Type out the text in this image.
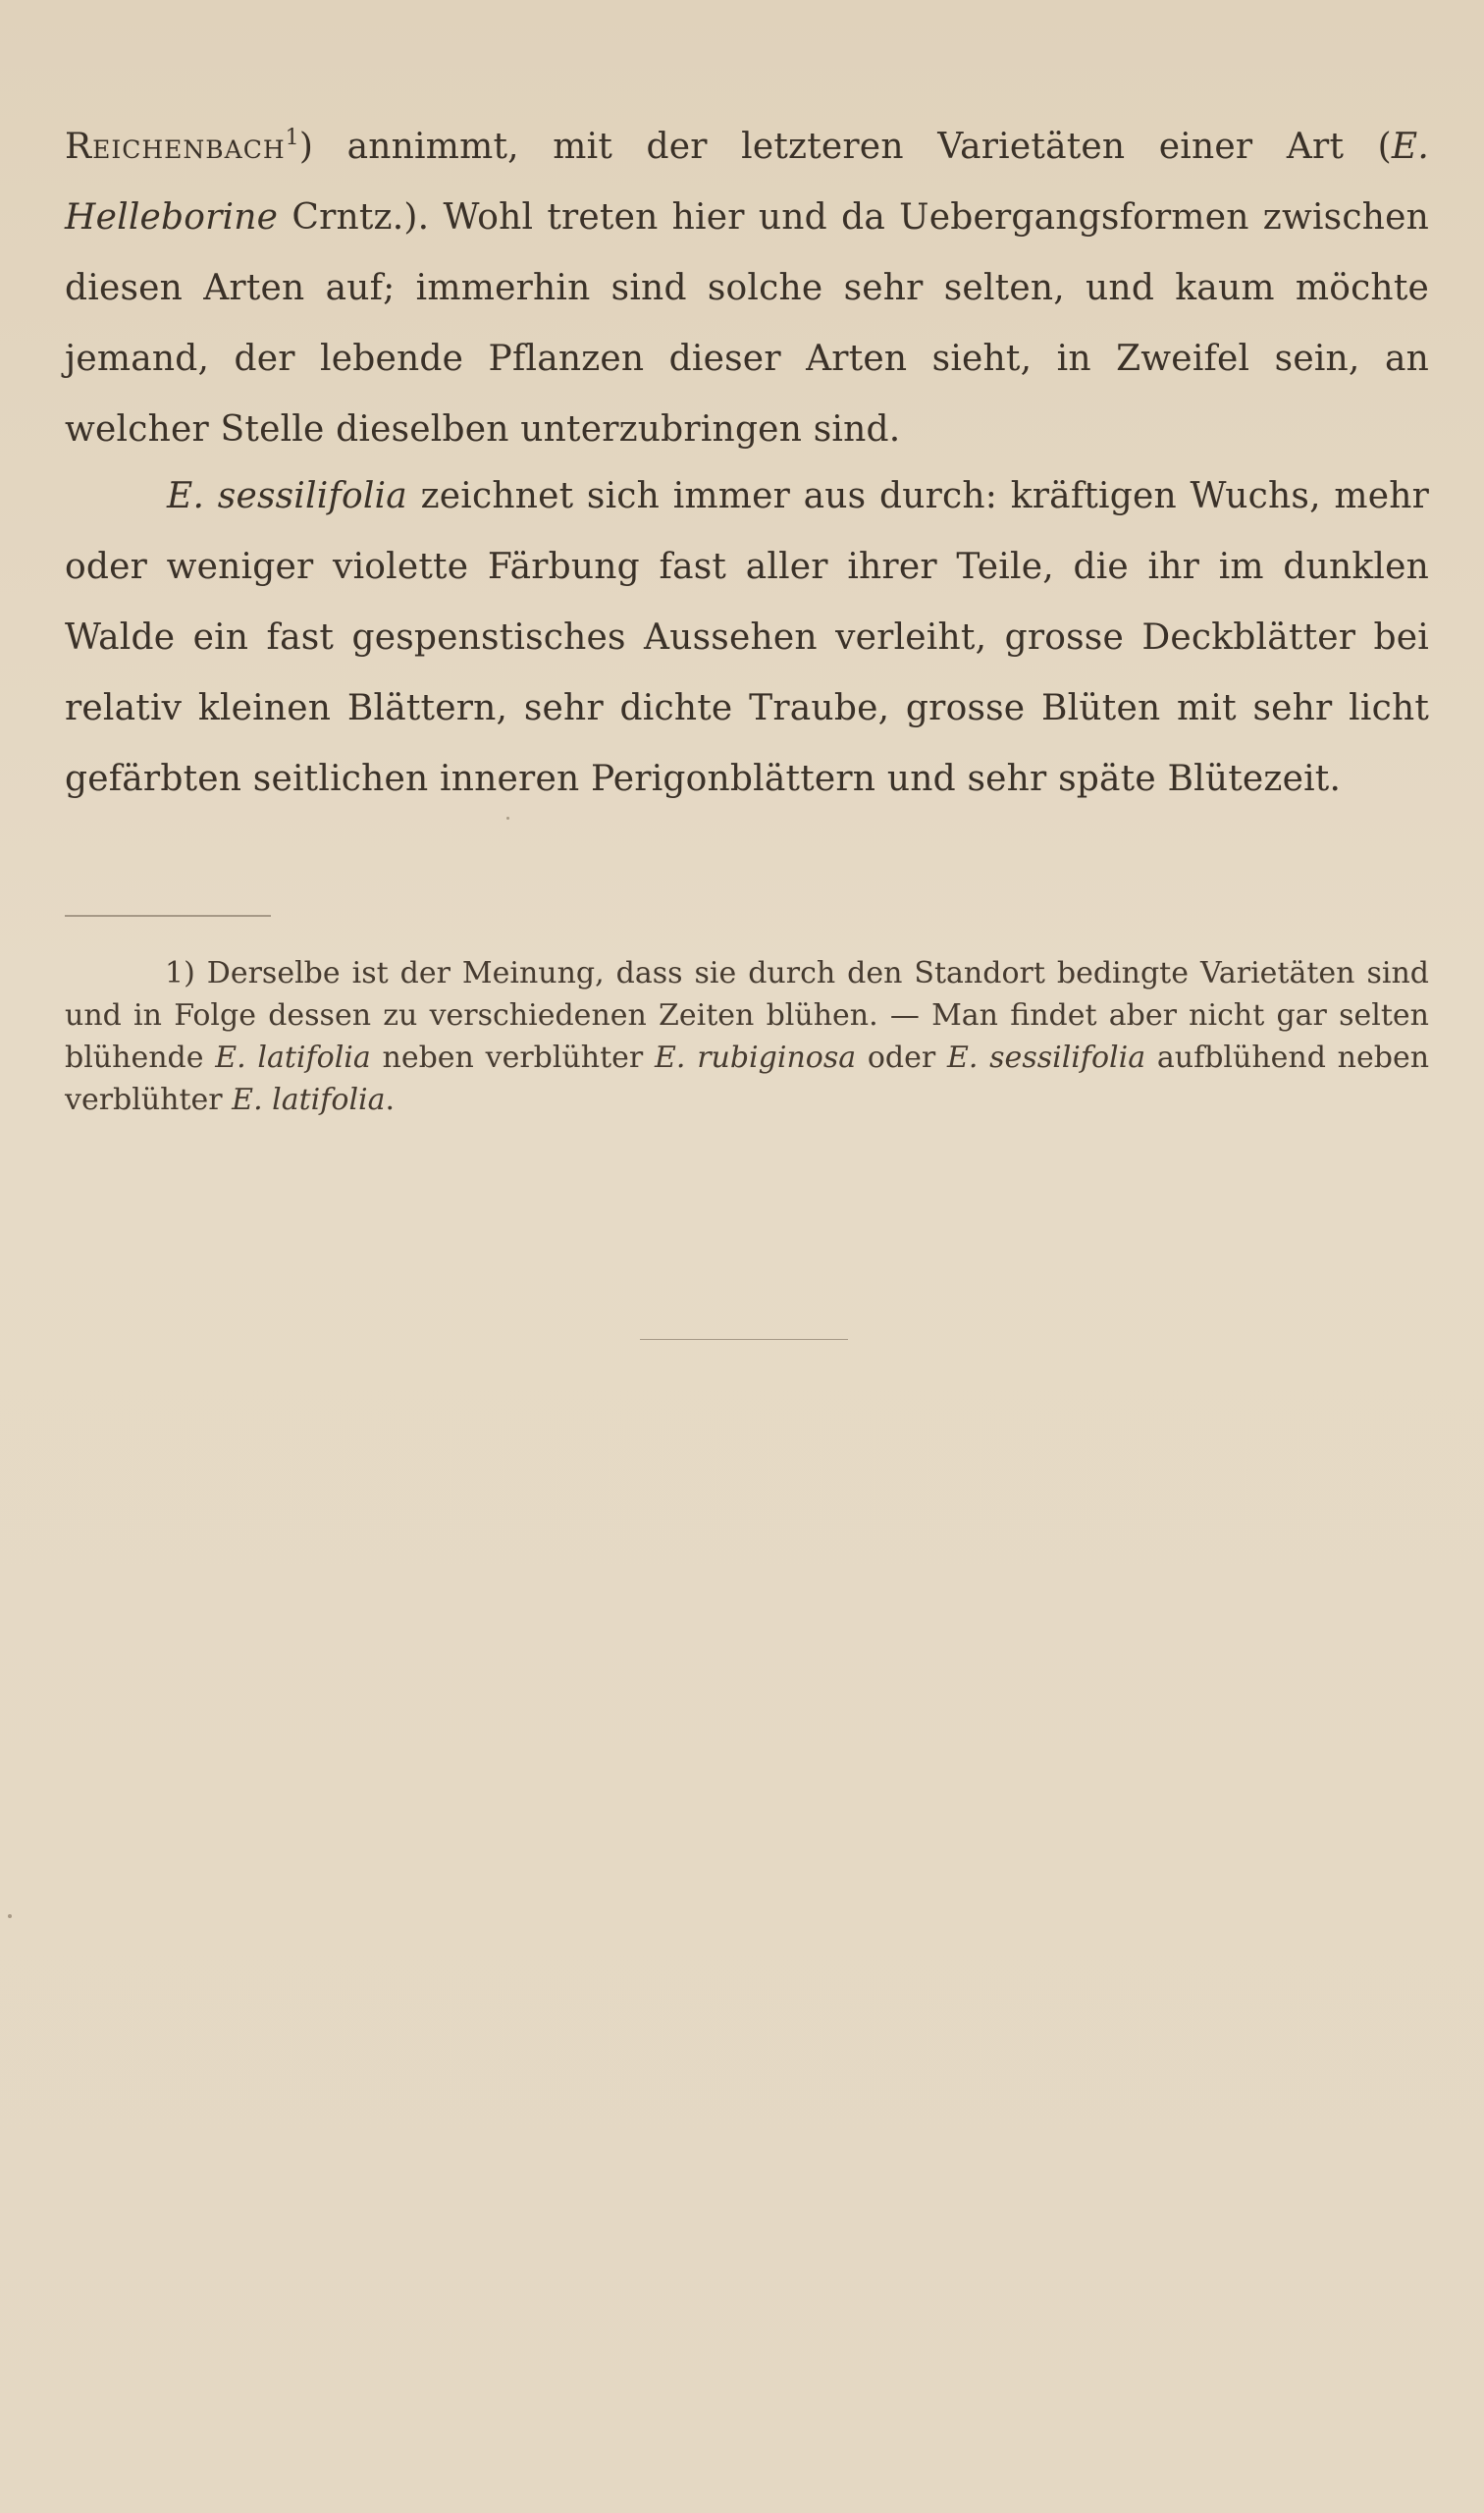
Reichenbach$^1$) annimmt, mit der letzteren Varietäten einer Art (E. Helleborine Crntz.). Wohl treten hier und da Uebergangsformen zwischen diesen Arten auf; immerhin sind solche sehr selten, und kaum möchte jemand, der lebende Pflanzen dieser Arten sieht, in Zweifel sein, an welcher Stelle dieselben unterzubringen sind.

E. sessilifolia zeichnet sich immer aus durch: kräftigen Wuchs, mehr oder weniger violette Färbung fast aller ihrer Teile, die ihr im dunklen Walde ein fast gespenstisches Aussehen verleiht, grosse Deckblätter bei relativ kleinen Blättern, sehr dichte Traube, grosse Blüten mit sehr licht gefärbten seitlichen inneren Perigonblättern und sehr späte Blütezeit.

1) Derselbe ist der Meinung, dass sie durch den Standort bedingte Varietäten sind und in Folge dessen zu verschiedenen Zeiten blühen. — Man findet aber nicht gar selten blühende E. latifolia neben verblühter E. rubiginosa oder E. sessilifolia aufblühend neben verblühter E. latifolia.
